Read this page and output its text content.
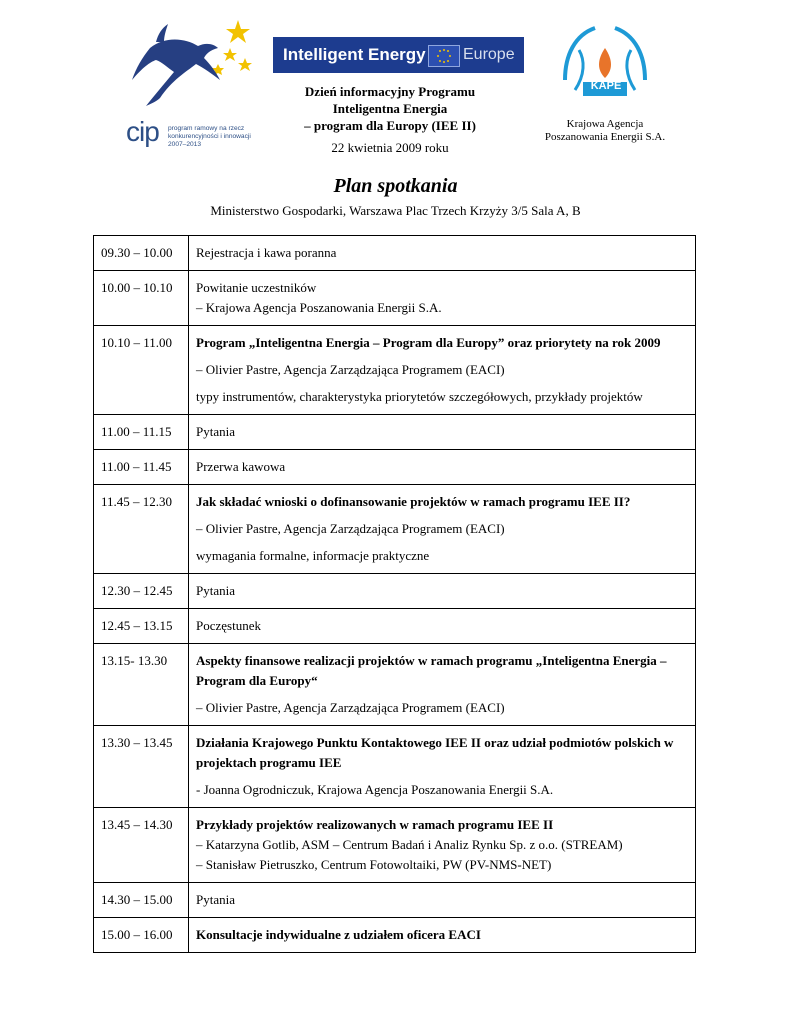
cip program ramowy na rzecz
konkurencyjności i innowacji
2007–2013
Intelligent Energy Europe
Dzień informacyjny Programu
Inteligentna Energia
– program dla Europy (IEE II)
22 kwietnia 2009 roku
KAPE
Krajowa Agencja
Poszanowania Energii S.A.
Plan spotkania
Ministerstwo Gospodarki, Warszawa Plac Trzech Krzyży 3/5 Sala A, B
09.30 – 10.00	Rejestracja i kawa poranna

10.00 – 10.10	Powitanie uczestników
– Krajowa Agencja Poszanowania Energii S.A.

10.10 – 11.00	Program „Inteligentna Energia – Program dla Europy” oraz priorytety na rok 2009
– Olivier Pastre, Agencja Zarządzająca Programem (EACI)
typy instrumentów, charakterystyka priorytetów szczegółowych, przykłady projektów

11.00 – 11.15	Pytania

11.00 – 11.45	Przerwa kawowa

11.45 – 12.30	Jak składać wnioski o dofinansowanie projektów w ramach programu IEE II?
– Olivier Pastre, Agencja Zarządzająca Programem (EACI)
wymagania formalne, informacje praktyczne

12.30 – 12.45	Pytania

12.45 – 13.15	Poczęstunek

13.15- 13.30	Aspekty finansowe realizacji projektów w ramach programu „Inteligentna Energia – Program dla Europy“
– Olivier Pastre, Agencja Zarządzająca Programem (EACI)

13.30 – 13.45	Działania Krajowego Punktu Kontaktowego IEE II oraz udział podmiotów polskich w projektach programu IEE
- Joanna Ogrodniczuk, Krajowa Agencja Poszanowania Energii S.A.

13.45 – 14.30	Przykłady projektów realizowanych w ramach programu IEE II
– Katarzyna Gotlib, ASM – Centrum Badań i Analiz Rynku Sp. z o.o. (STREAM)
– Stanisław Pietruszko, Centrum Fotowoltaiki, PW (PV-NMS-NET)

14.30 – 15.00	Pytania

15.00 – 16.00	Konsultacje indywidualne z udziałem oficera EACI
